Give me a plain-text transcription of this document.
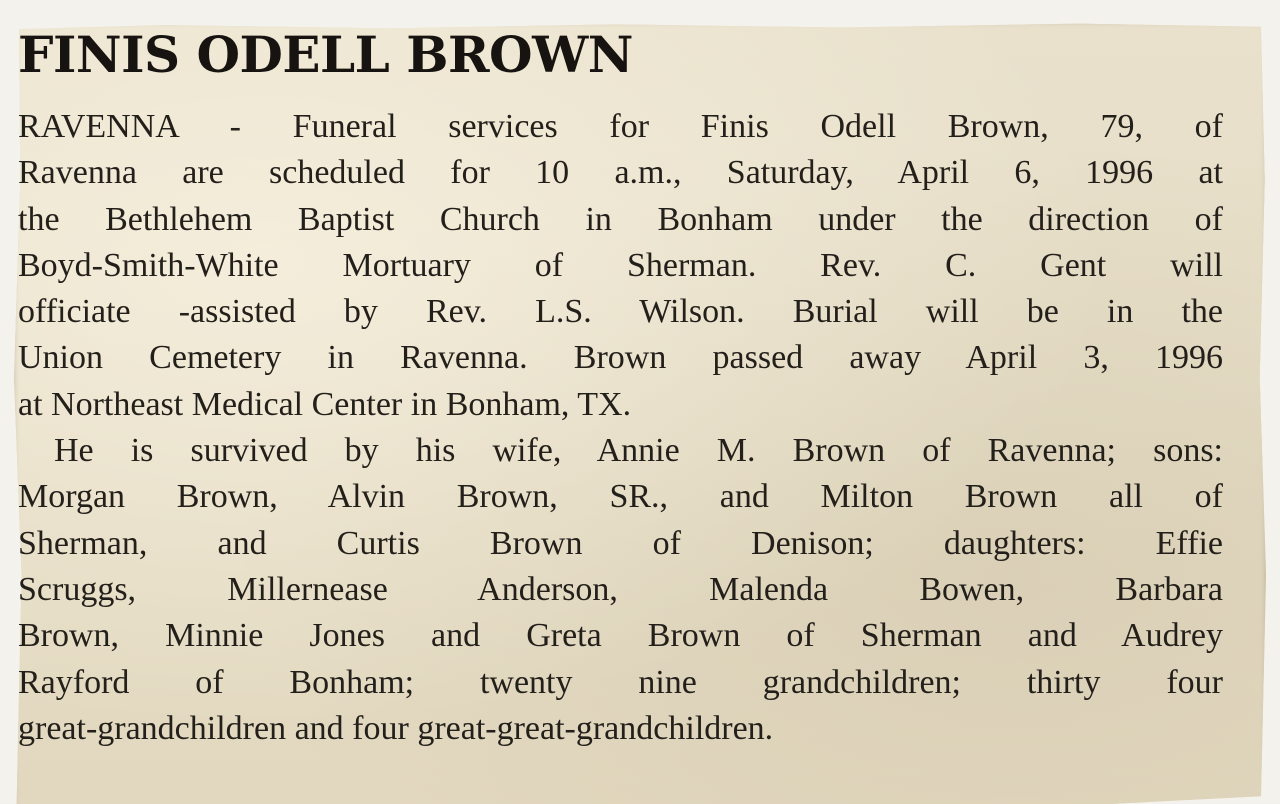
FINIS ODELL BROWN
RAVENNA - Funeral services for Finis Odell Brown, 79, of
Ravenna are scheduled for 10 a.m., Saturday, April 6, 1996 at
the Bethlehem Baptist Church in Bonham under the direction of
Boyd-Smith-White Mortuary of Sherman. Rev. C. Gent will
officiate -assisted by Rev. L.S. Wilson. Burial will be in the
Union Cemetery in Ravenna. Brown passed away April 3, 1996
at Northeast Medical Center in Bonham, TX.
He is survived by his wife, Annie M. Brown of Ravenna; sons:
Morgan Brown, Alvin Brown, SR., and Milton Brown all of
Sherman, and Curtis Brown of Denison; daughters: Effie
Scruggs, Millernease Anderson, Malenda Bowen, Barbara
Brown, Minnie Jones and Greta Brown of Sherman and Audrey
Rayford of Bonham; twenty nine grandchildren; thirty four
great-grandchildren and four great-great-grandchildren.
